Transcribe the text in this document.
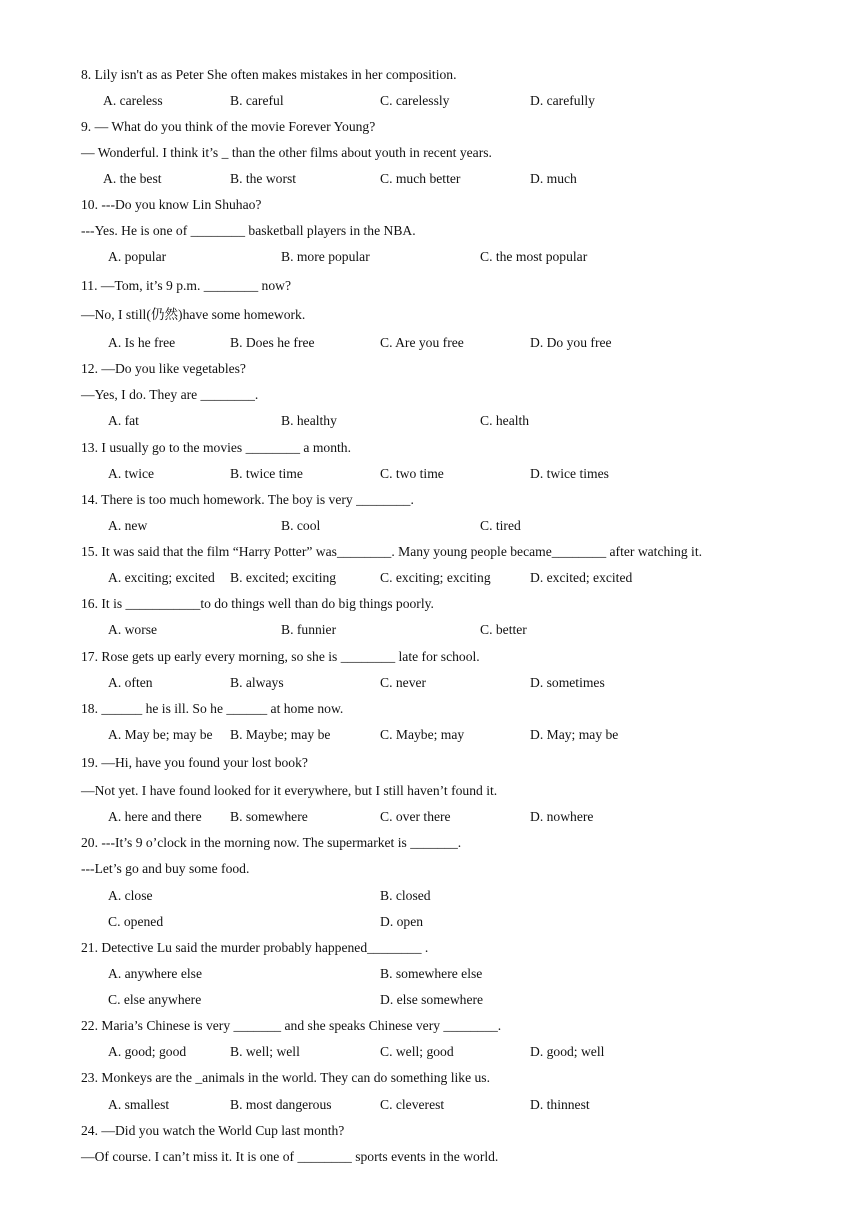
8. Lily isn't as as Peter She often makes mistakes in her composition.
A. careless	B. careful	C. carelessly	D. carefully
9. — What do you think of the movie Forever Young?
— Wonderful. I think it’s _ than the other films about youth in recent years.
A. the best	B. the worst	C. much better	D. much
10. ---Do you know Lin Shuhao?
---Yes. He is one of ________ basketball players in the NBA.
A. popular	B. more popular	C. the most popular
11. —Tom, it’s 9 p.m. ________ now?
—No, I still(仍然)have some homework.
A. Is he free	B. Does he free	C. Are you free	D. Do you free
12. —Do you like vegetables?
—Yes, I do. They are ________.
A. fat	B. healthy	C. health
13. I usually go to the movies ________ a month.
A. twice	B. twice time	C. two time	D. twice times
14. There is too much homework. The boy is very ________.
A. new	B. cool	C. tired
15. It was said that the film “Harry Potter” was________. Many young people became________ after watching it.
A. exciting; excited B. excited; exciting	C. exciting; exciting	D. excited; excited
16. It is ___________to do things well than do big things poorly.
A. worse	B. funnier	C. better
17. Rose gets up early every morning, so she is ________ late for school.
A. often	B. always	C. never	D. sometimes
18. ______ he is ill. So he ______ at home now.
A. May be; may be B. Maybe; may be	C. Maybe; may	D. May; may be
19. —Hi, have you found your lost book?
—Not yet. I have found looked for it everywhere, but I still haven’t found it.
A. here and there B. somewhere	C. over there	D. nowhere
20. ---It’s 9 o’clock in the morning now. The supermarket is _______.
---Let’s go and buy some food.
A. close	B. closed
C. opened	D. open
21. Detective Lu said the murder probably happened________ .
A. anywhere else	B. somewhere else
C. else anywhere	D. else somewhere
22. Maria’s Chinese is very _______ and she speaks Chinese very ________.
A. good; good	B. well; well	C. well; good	D. good; well
23. Monkeys are the _animals in the world. They can do something like us.
A. smallest	B. most dangerous	C. cleverest	D. thinnest
24. —Did you watch the World Cup last month?
—Of course. I can’t miss it. It is one of ________ sports events in the world.
